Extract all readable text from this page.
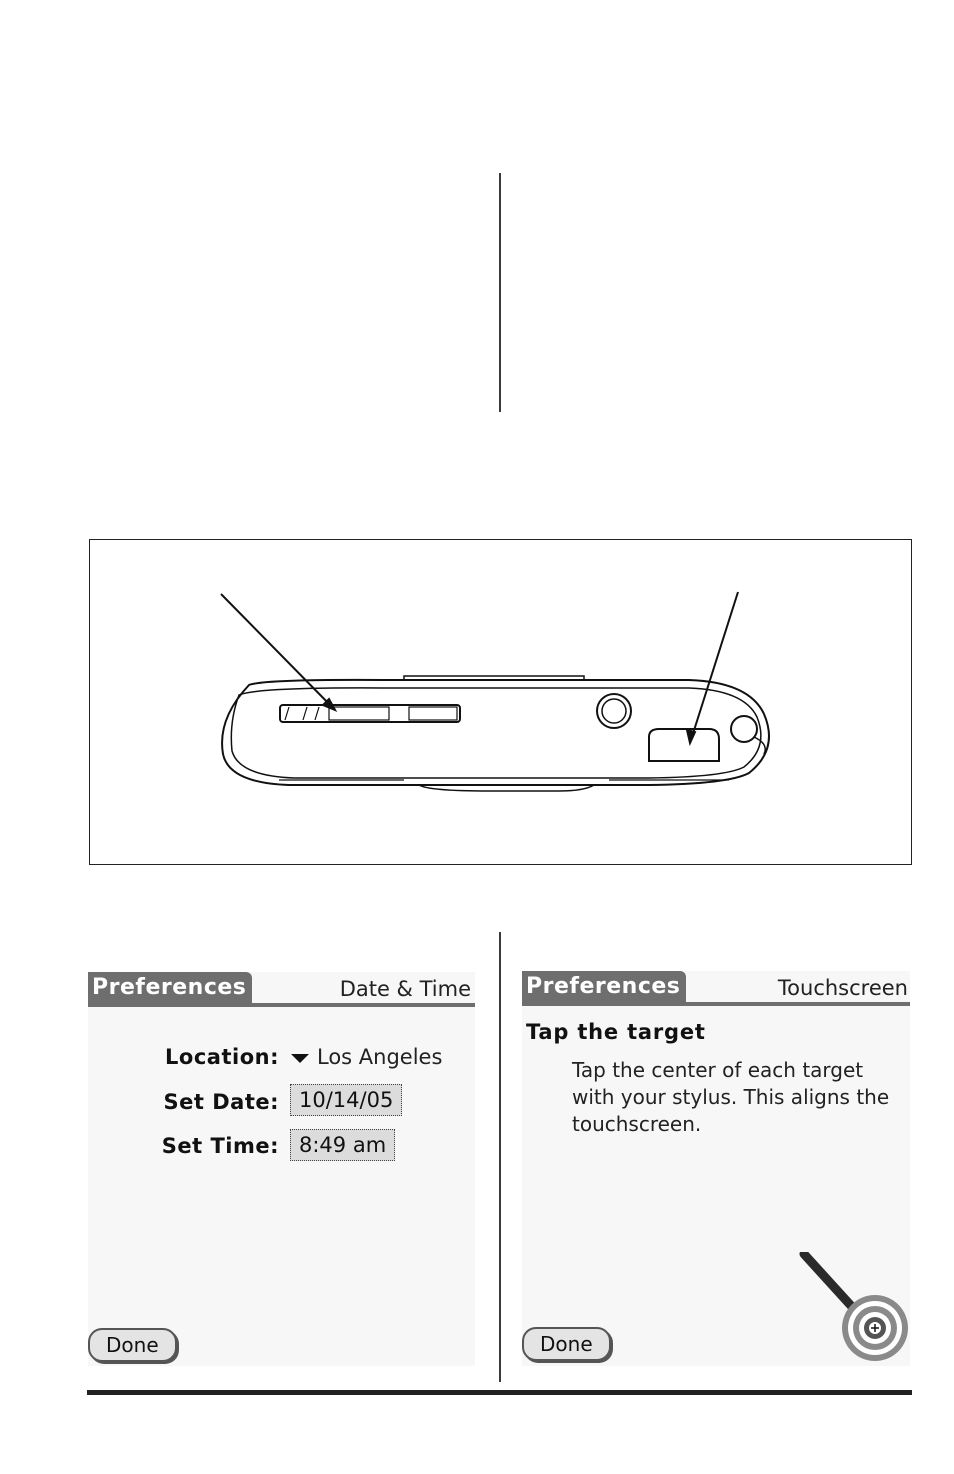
Preferences	Date & Time
Location: Los Angeles
Set Date: 10/14/05
Set Time: 8:49 am
Done
Preferences	Touchscreen
Tap the target
Tap the center of each target with your stylus. This aligns the touchscreen.
Done
